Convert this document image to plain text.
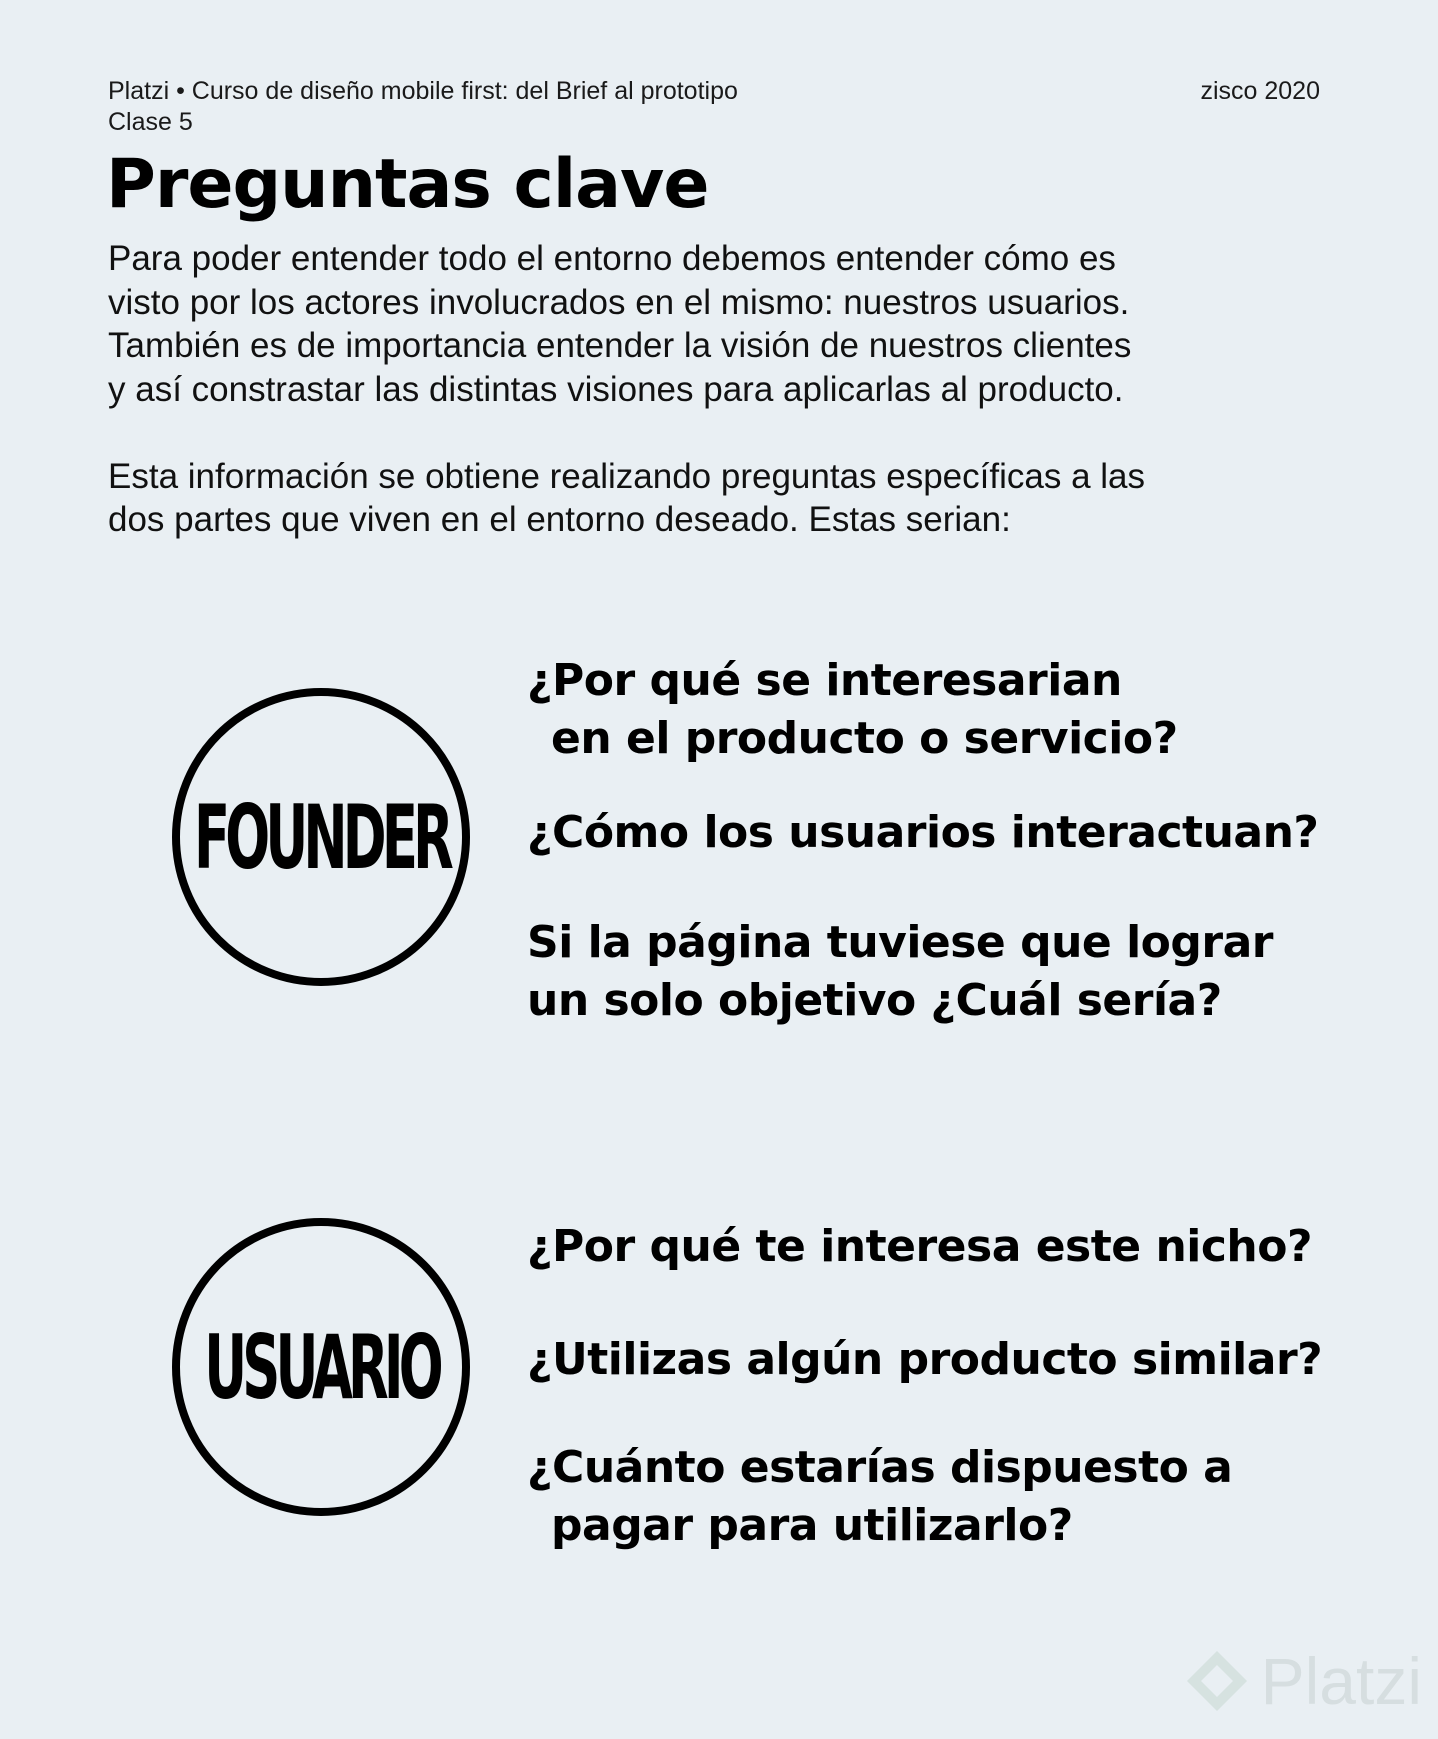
Platzi • Curso de diseño mobile first: del Brief al prototipo
Clase 5
zisco 2020
Preguntas clave

Para poder entender todo el entorno debemos entender cómo es
visto por los actores involucrados en el mismo: nuestros usuarios.
También es de importancia entender la visión de nuestros clientes
y así constrastar las distintas visiones para aplicarlas al producto.

Esta información se obtiene realizando preguntas específicas a las
dos partes que viven en el entorno deseado. Estas serian:

FOUNDER

¿Por qué se interesarian
en el producto o servicio?

¿Cómo los usuarios interactuan?

Si la página tuviese que lograr
un solo objetivo ¿Cuál sería?

USUARIO

¿Por qué te interesa este nicho?

¿Utilizas algún producto similar?

¿Cuánto estarías dispuesto a
pagar para utilizarlo?

Platzi
